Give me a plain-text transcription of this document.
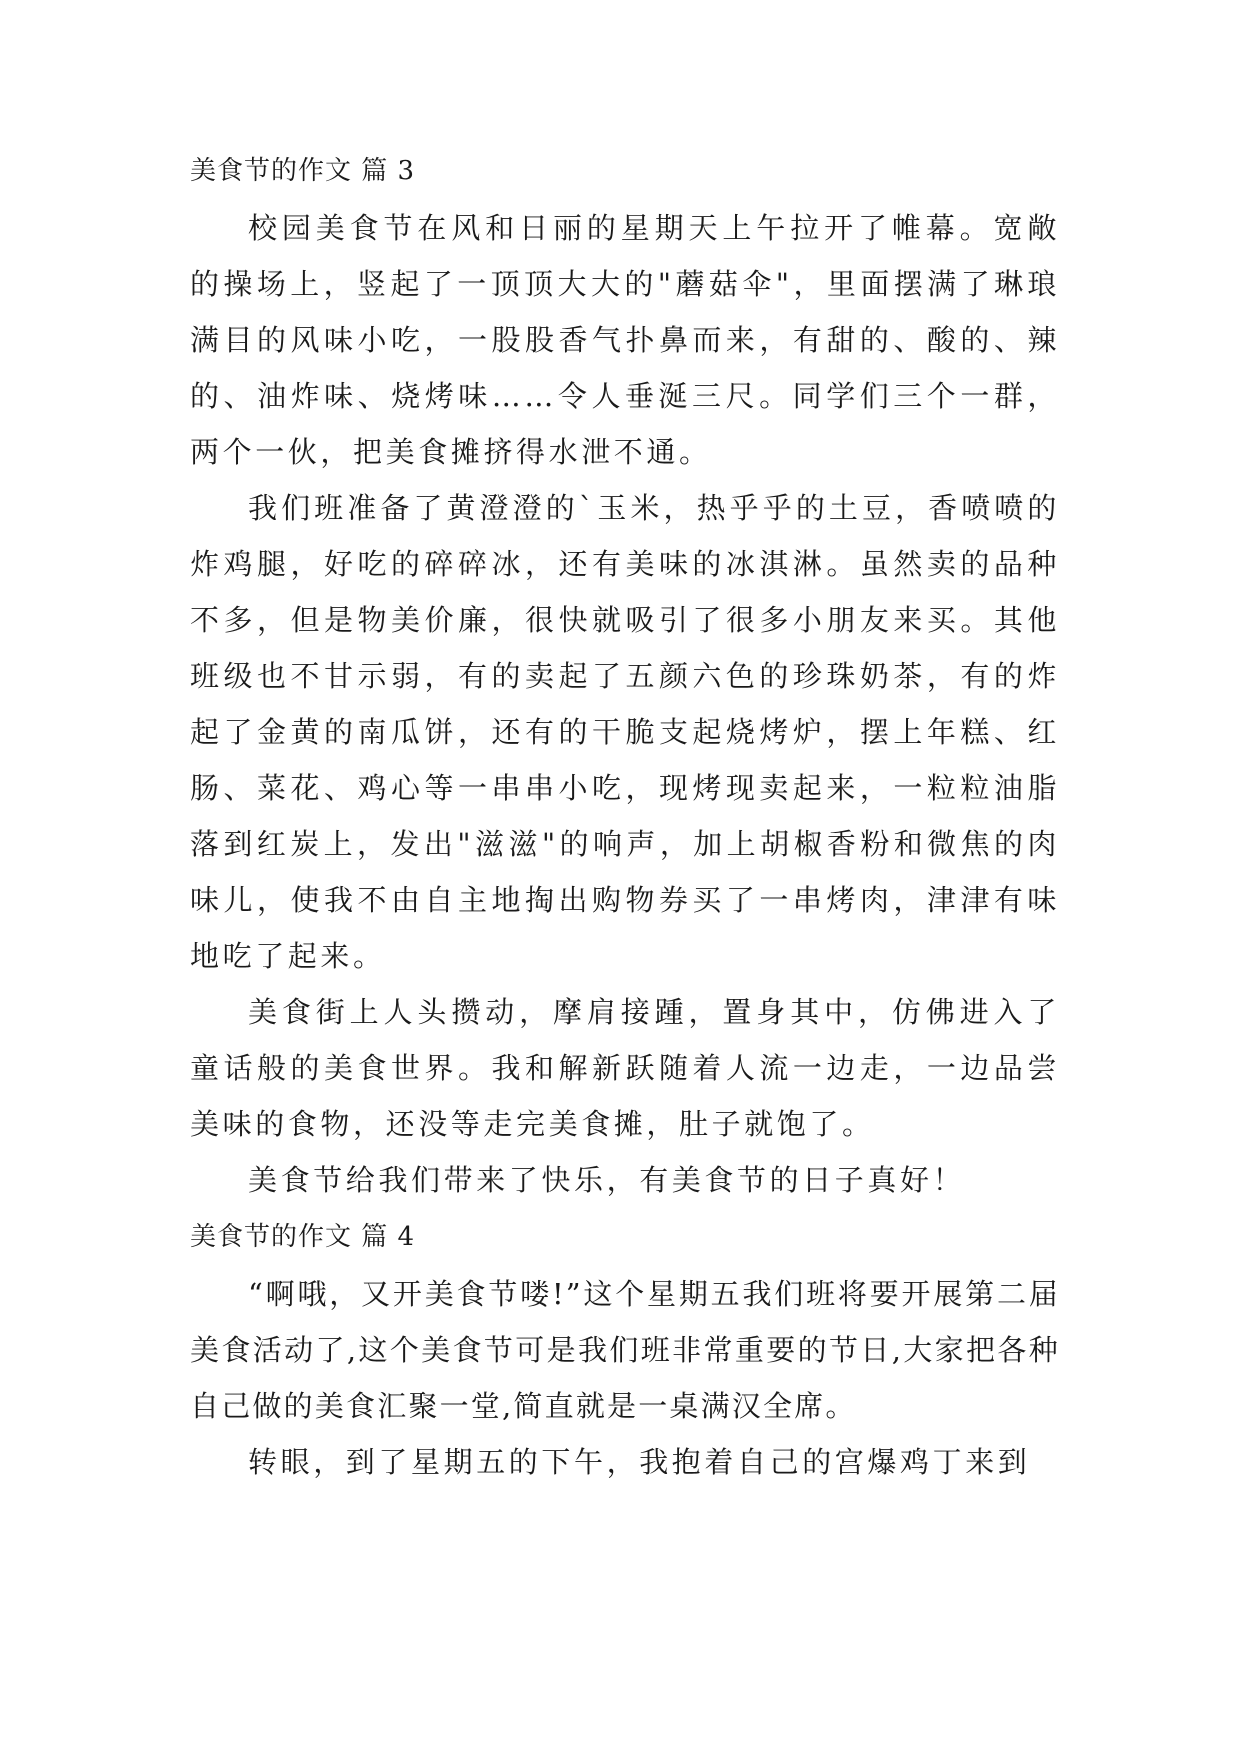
美食节的作文 篇 3

校园美食节在风和日丽的星期天上午拉开了帷幕。宽敞的操场上，竖起了一顶顶大大的"蘑菇伞"，里面摆满了琳琅满目的风味小吃，一股股香气扑鼻而来，有甜的、酸的、辣的、油炸味、烧烤味……令人垂涎三尺。同学们三个一群，两个一伙，把美食摊挤得水泄不通。

我们班准备了黄澄澄的`玉米，热乎乎的土豆，香喷喷的炸鸡腿，好吃的碎碎冰，还有美味的冰淇淋。虽然卖的品种不多，但是物美价廉，很快就吸引了很多小朋友来买。其他班级也不甘示弱，有的卖起了五颜六色的珍珠奶茶，有的炸起了金黄的南瓜饼，还有的干脆支起烧烤炉，摆上年糕、红肠、菜花、鸡心等一串串小吃，现烤现卖起来，一粒粒油脂落到红炭上，发出"滋滋"的响声，加上胡椒香粉和微焦的肉味儿，使我不由自主地掏出购物券买了一串烤肉，津津有味地吃了起来。

美食街上人头攒动，摩肩接踵，置身其中，仿佛进入了童话般的美食世界。我和解新跃随着人流一边走，一边品尝美味的食物，还没等走完美食摊，肚子就饱了。

美食节给我们带来了快乐，有美食节的日子真好！

美食节的作文 篇 4

“啊哦，又开美食节喽!”这个星期五我们班将要开展第二届美食活动了,这个美食节可是我们班非常重要的节日,大家把各种自己做的美食汇聚一堂,简直就是一桌满汉全席。

转眼，到了星期五的下午，我抱着自己的宫爆鸡丁来到
